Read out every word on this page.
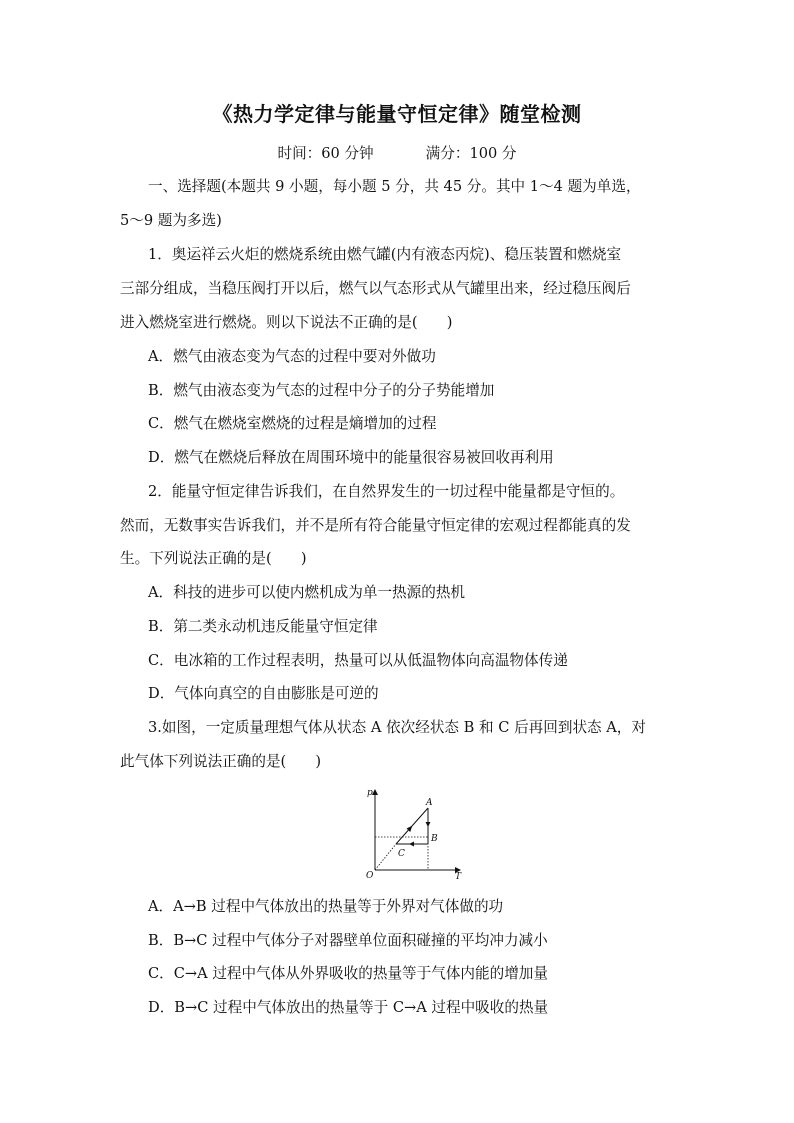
《热力学定律与能量守恒定律》随堂检测
时间：60 分钟	满分：100 分
一、选择题(本题共 9 小题，每小题 5 分，共 45 分。其中 1～4 题为单选，
5～9 题为多选)
1．奥运祥云火炬的燃烧系统由燃气罐(内有液态丙烷)、稳压装置和燃烧室
三部分组成，当稳压阀打开以后，燃气以气态形式从气罐里出来，经过稳压阀后
进入燃烧室进行燃烧。则以下说法不正确的是(　　)
A．燃气由液态变为气态的过程中要对外做功
B．燃气由液态变为气态的过程中分子的分子势能增加
C．燃气在燃烧室燃烧的过程是熵增加的过程
D．燃气在燃烧后释放在周围环境中的能量很容易被回收再利用
2．能量守恒定律告诉我们，在自然界发生的一切过程中能量都是守恒的。
然而，无数事实告诉我们，并不是所有符合能量守恒定律的宏观过程都能真的发
生。下列说法正确的是(　　)
A．科技的进步可以使内燃机成为单一热源的热机
B．第二类永动机违反能量守恒定律
C．电冰箱的工作过程表明，热量可以从低温物体向高温物体传递
D．气体向真空的自由膨胀是可逆的
3.如图，一定质量理想气体从状态 A 依次经状态 B 和 C 后再回到状态 A，对
此气体下列说法正确的是(　　)
p
T
O
A
B
C
A．A→B 过程中气体放出的热量等于外界对气体做的功
B．B→C 过程中气体分子对器壁单位面积碰撞的平均冲力减小
C．C→A 过程中气体从外界吸收的热量等于气体内能的增加量
D．B→C 过程中气体放出的热量等于 C→A 过程中吸收的热量
